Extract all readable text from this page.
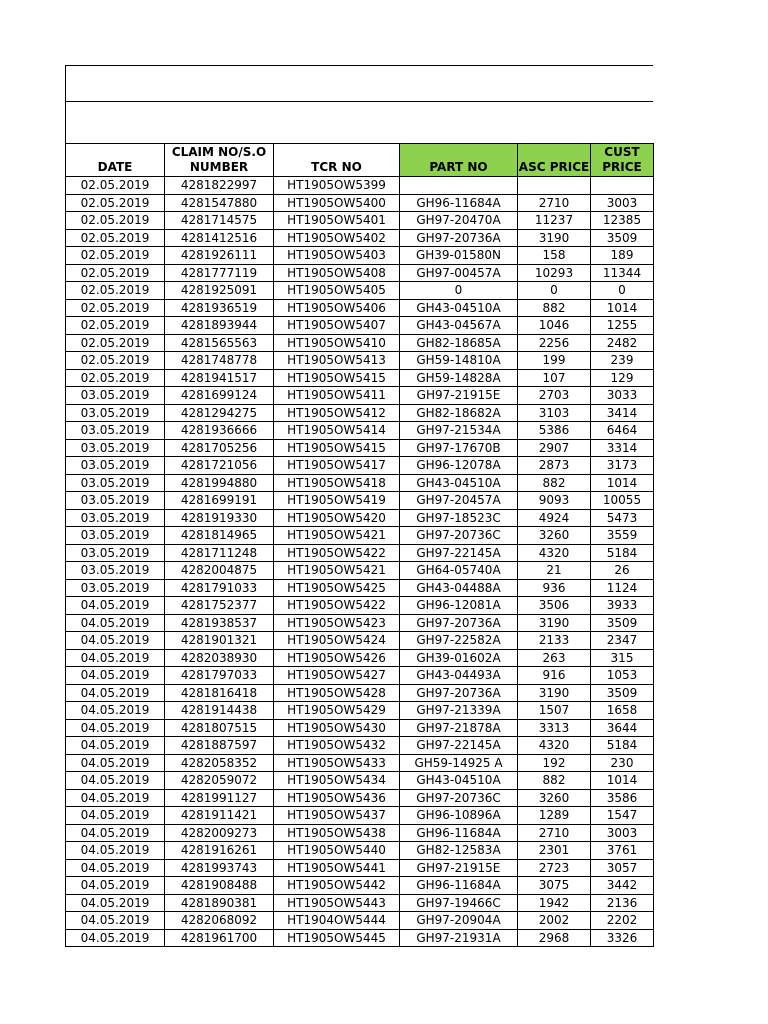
DATE	CLAIM NO/S.O NUMBER	TCR NO	PART NO	ASC PRICE	CUST PRICE
02.05.2019	4281822997	HT1905OW5399			
02.05.2019	4281547880	HT1905OW5400	GH96-11684A	2710	3003
02.05.2019	4281714575	HT1905OW5401	GH97-20470A	11237	12385
02.05.2019	4281412516	HT1905OW5402	GH97-20736A	3190	3509
02.05.2019	4281926111	HT1905OW5403	GH39-01580N	158	189
02.05.2019	4281777119	HT1905OW5408	GH97-00457A	10293	11344
02.05.2019	4281925091	HT1905OW5405	0	0	0
02.05.2019	4281936519	HT1905OW5406	GH43-04510A	882	1014
02.05.2019	4281893944	HT1905OW5407	GH43-04567A	1046	1255
02.05.2019	4281565563	HT1905OW5410	GH82-18685A	2256	2482
02.05.2019	4281748778	HT1905OW5413	GH59-14810A	199	239
02.05.2019	4281941517	HT1905OW5415	GH59-14828A	107	129
03.05.2019	4281699124	HT1905OW5411	GH97-21915E	2703	3033
03.05.2019	4281294275	HT1905OW5412	GH82-18682A	3103	3414
03.05.2019	4281936666	HT1905OW5414	GH97-21534A	5386	6464
03.05.2019	4281705256	HT1905OW5415	GH97-17670B	2907	3314
03.05.2019	4281721056	HT1905OW5417	GH96-12078A	2873	3173
03.05.2019	4281994880	HT1905OW5418	GH43-04510A	882	1014
03.05.2019	4281699191	HT1905OW5419	GH97-20457A	9093	10055
03.05.2019	4281919330	HT1905OW5420	GH97-18523C	4924	5473
03.05.2019	4281814965	HT1905OW5421	GH97-20736C	3260	3559
03.05.2019	4281711248	HT1905OW5422	GH97-22145A	4320	5184
03.05.2019	4282004875	HT1905OW5421	GH64-05740A	21	26
03.05.2019	4281791033	HT1905OW5425	GH43-04488A	936	1124
04.05.2019	4281752377	HT1905OW5422	GH96-12081A	3506	3933
04.05.2019	4281938537	HT1905OW5423	GH97-20736A	3190	3509
04.05.2019	4281901321	HT1905OW5424	GH97-22582A	2133	2347
04.05.2019	4282038930	HT1905OW5426	GH39-01602A	263	315
04.05.2019	4281797033	HT1905OW5427	GH43-04493A	916	1053
04.05.2019	4281816418	HT1905OW5428	GH97-20736A	3190	3509
04.05.2019	4281914438	HT1905OW5429	GH97-21339A	1507	1658
04.05.2019	4281807515	HT1905OW5430	GH97-21878A	3313	3644
04.05.2019	4281887597	HT1905OW5432	GH97-22145A	4320	5184
04.05.2019	4282058352	HT1905OW5433	GH59-14925 A	192	230
04.05.2019	4282059072	HT1905OW5434	GH43-04510A	882	1014
04.05.2019	4281991127	HT1905OW5436	GH97-20736C	3260	3586
04.05.2019	4281911421	HT1905OW5437	GH96-10896A	1289	1547
04.05.2019	4282009273	HT1905OW5438	GH96-11684A	2710	3003
04.05.2019	4281916261	HT1905OW5440	GH82-12583A	2301	3761
04.05.2019	4281993743	HT1905OW5441	GH97-21915E	2723	3057
04.05.2019	4281908488	HT1905OW5442	GH96-11684A	3075	3442
04.05.2019	4281890381	HT1905OW5443	GH97-19466C	1942	2136
04.05.2019	4282068092	HT1904OW5444	GH97-20904A	2002	2202
04.05.2019	4281961700	HT1905OW5445	GH97-21931A	2968	3326
